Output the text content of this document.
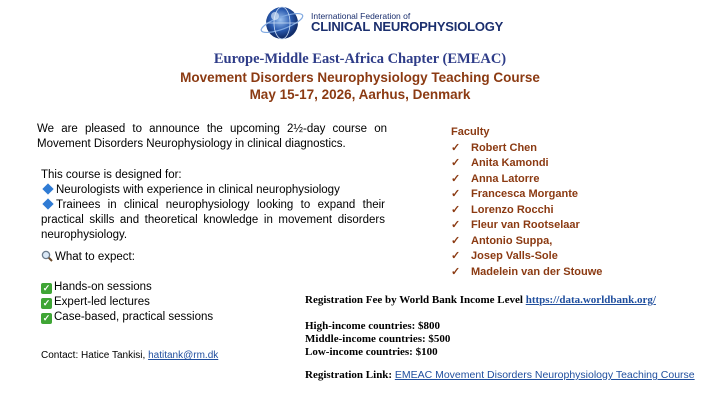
International Federation of
CLINICAL NEUROPHYSIOLOGY
Europe-Middle East-Africa Chapter (EMEAC)
Movement Disorders Neurophysiology Teaching Course
May 15-17, 2026, Aarhus, Denmark
We are pleased to announce the upcoming 2½-day course on Movement Disorders Neurophysiology in clinical diagnostics.
This course is designed for:
Neurologists with experience in clinical neurophysiology
Trainees in clinical neurophysiology looking to expand their practical skills and theoretical knowledge in movement disorders neurophysiology.
What to expect:
✓ Hands-on sessions
✓ Expert-led lectures
✓ Case-based, practical sessions
Contact: Hatice Tankisi, hatitank@rm.dk
Faculty
✓ Robert Chen
✓ Anita Kamondi
✓ Anna Latorre
✓ Francesca Morgante
✓ Lorenzo Rocchi
✓ Fleur van Rootselaar
✓ Antonio Suppa,
✓ Josep Valls-Sole
✓ Madelein van der Stouwe
Registration Fee by World Bank Income Level https://data.worldbank.org/
High-income countries: $800
Middle-income countries: $500
Low-income countries: $100
Registration Link: EMEAC Movement Disorders Neurophysiology Teaching Course
